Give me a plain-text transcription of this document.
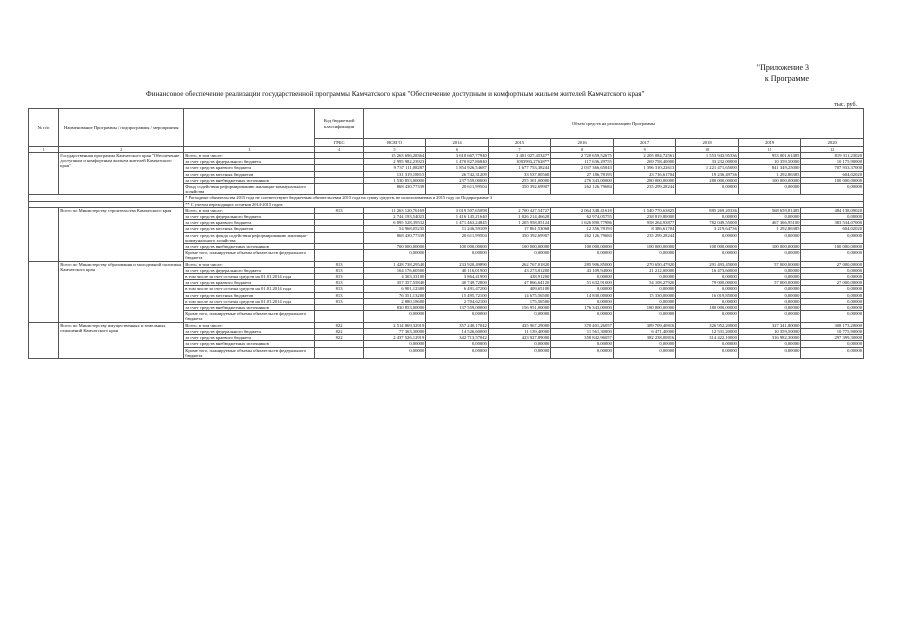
"Приложение 3
к Программе
Финансовое обеспечение реализации государственной программы Камчатского края "Обеспечение доступным и комфортным жильем жителей Камчатского края"
тыс. руб.
№ п/п	Наименование Программы / подпрограммы / мероприятия		Код бюджетной классификации	Объем средств на реализацию Программы							
			ГРБС	ВСЕГО	2014	2015	2016	2017	2018	2019	2020
1	2	3	4	5	6	7	8	9	10	11	12
	Государственная программа Камчатского края "Обеспечение доступным и комфортным жильем жителей Камчатского края"	Всего, в том числе:		15 263 696,28364	3 610 667,77940	3 401 027,45347*	2 720 659,52675	2 205 084,72561	1 553 943,95336	953 001,61485	819 311,23020
		за счет средств федерального бюджета		2 995 982,23923	1 470 827,86840	1083993,27628**	117 636,29755	269 758,40000	33 232,00000	10 359,50000	10 175,90000
		за счет средств краевого бюджета		9 737 111,08287	1 854 926,54687	1 677 753,38244	2 037 366,65043	1 396 310,22613	1 221 471,65000	841 349,25000	707 933,37000
		за счет средств местных бюджетов		131 319,18815	26 742,31209	33 537,00568	27 186,78193	23 716,61704	19 236,49736	1 292,86385	604,02020
		за счет средств внебюджетных источников		1 530 853,00000	237 559,00000	255 301,00000	276 343,00000	280 000,00000	280 000,00000	100 000,00000	100 000,00000
		Фонд содействия реформированию жилищно-коммунального хозяйства		868 430,77339	20 611,99504	350 392,69907	262 126,79684	235 299,28244	0,00000	0,00000	0,00000
		* Расходные обязательства 2015 года не соответствуют бюджетным обязательствам 2015 года на сумму средств, не использованных в 2015 году по Подпрограмме 3									
		** С учетом переходящих остатков 2014-2015 годов									
	Всего по Министерству строительства Камчатского края	Всего, в том числе:	813	11 263 120,76169	3 019 507,65098	2 700 427,54727	2 064 348,41618	1 540 770,63825	885 269,20336	568 659,81485	484 138,09020
		за счет средств федерального бюджета		2 744 193,54023	1 416 145,21640	1 026 214,46628	62 974,05755	238 819,80000	0,00000	0,00000	0,00000
		за счет средств краевого бюджета		6 895 528,39532	1 471 463,24845	1 205 958,85124	1 626 890,77986	958 264,93877	782 049,55000	467 366,95100	383 534,07000
		за счет средств местных бюджетов		54 968,05235	11 246,59109	17 861,53068	12 356,78193	8 386,61704	3 219,64736	1 292,86385	604,02020
		за счет средств фонда содействия реформированию жилищно-коммунального хозяйства		868 430,77339	20 611,99504	350 392,69907	262 126,79684	235 299,28244	0,00000	0,00000	0,00000
		за счет средств внебюджетных источников		700 000,00000	100 000,00000	100 000,00000	100 000,00000	100 000,00000	100 000,00000	100 000,00000	100 000,00000
		Кроме того, планируемые объемы обязательств федерального бюджета		0,00000	0,00000	0,00000	0,00000	0,00000	0,00000	0,00000	0,00000
	Всего по Министерству образования и молодежной политики Камчатского края	Всего, в том числе:	813	1 428 738,29540	233 920,49890	262 767,01820	285 906,85000	270 650,47920	291 493,45000	57 000,00000	27 000,00000
		за счет средств федерального бюджета	813	164 176,60500	40 116,01900	43 273,81200	43 109,94000	21 212,00000	16 473,60000	0,00000	0,00000
		в том числе за счет остатка средств на 01.01.2014 года	813	4 303,33100	3 864,41900	438,91200	0,00000	0,00000	0,00000	0,00000	0,00000
		за счет средств краевого бюджета	813	357 357,55840	40 749,72800	47 866,64120	51 632,91000	54 108,27920	79 000,00000	57 000,00000	27 000,00000
		в том числе за счет остатка средств на 01.01.2014 года	813	6 901,12300	6 491,47200	409,65100	0,00000	0,00000	0,00000	0,00000	0,00000
		за счет средств местных бюджетов	813	76 351,13200	15 495,72100	14 675,56500	14 830,00000	15 330,00000	16 019,85000	0,00000	0,00000
		в том числе за счет остатка средств на 01.01.2014 года	813	2 880,18600	2 704,62100	175,56500	0,00000	0,00000	0,00000	0,00000	0,00000
		за счет средств внебюджетных источников		830 853,00000	137 559,00000	156 951,00000	176 343,00000	180 000,00000	180 000,00000	0,00000	0,00000
		Кроме того, планируемые объемы обязательств федерального бюджета		0,00000	0,00000	0,00000	0,00000	0,00000	0,00000	0,00000	0,00000
	Всего по Министерству имущественных и земельных отношений Камчатского края	Всего, в том числе:	822	2 514 869,32919	357 240,17042	435 967,29000	370 401,26057	389 709,40816	326 952,20000	327 341,80000	308 173,20000
		за счет средств федерального бюджета	822	77 363,30000	14 526,60000	11 139,40000	11 561,30000	6 471,40000	12 531,20000	10 359,50000	10 775,90000
		за счет средств краевого бюджета	822	2 437 526,12919	342 713,57042	423 927,89000	358 842,96057	382 238,00816	314 422,10000	316 982,30000	297 399,30000
		за счет средств внебюджетных источников		0,00000	0,00000	0,00000	0,00000	0,00000	0,00000	0,00000	0,00000
		Кроме того, планируемые объемы обязательств федерального бюджета		0,00000	0,00000	0,00000	0,00000	0,00000	0,00000	0,00000	0,00000
